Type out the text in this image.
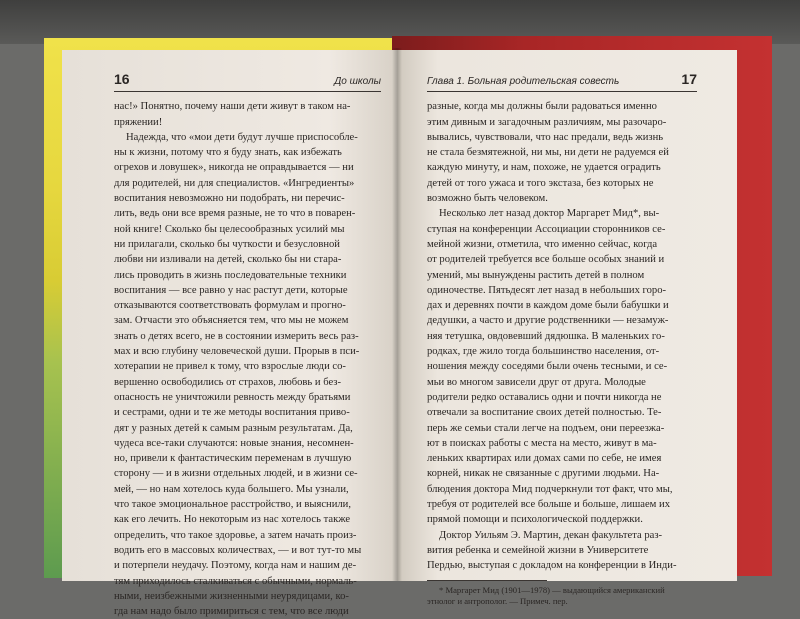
16	До школы
нас!» Понятно, почему наши дети живут в таком на-
пряжении!
Надежда, что «мои дети будут лучше приспособле-
ны к жизни, потому что я буду знать, как избежать
огрехов и ловушек», никогда не оправдывается — ни
для родителей, ни для специалистов. «Ингредиенты»
воспитания невозможно ни подобрать, ни перечис-
лить, ведь они все время разные, не то что в поварен-
ной книге! Сколько бы целесообразных усилий мы
ни прилагали, сколько бы чуткости и безусловной
любви ни изливали на детей, сколько бы ни стара-
лись проводить в жизнь последовательные техники
воспитания — все равно у нас растут дети, которые
отказываются соответствовать формулам и прогно-
зам. Отчасти это объясняется тем, что мы не можем
знать о детях всего, не в состоянии измерить весь раз-
мах и всю глубину человеческой души. Прорыв в пси-
хотерапии не привел к тому, что взрослые люди со-
вершенно освободились от страхов, любовь и без-
опасность не уничтожили ревность между братьями
и сестрами, одни и те же методы воспитания приво-
дят у разных детей к самым разным результатам. Да,
чудеса все-таки случаются: новые знания, несомнен-
но, привели к фантастическим переменам в лучшую
сторону — и в жизни отдельных людей, и в жизни се-
мей, — но нам хотелось куда большего. Мы узнали,
что такое эмоциональное расстройство, и выяснили,
как его лечить. Но некоторым из нас хотелось также
определить, что такое здоровье, а затем начать произ-
водить его в массовых количествах, — и вот тут-то мы
и потерпели неудачу. Поэтому, когда нам и нашим де-
тям приходилось сталкиваться с обычными, нормаль-
ными, неизбежными жизненными неурядицами, ко-
гда нам надо было примириться с тем, что все люди
Глава 1. Больная родительская совесть	17
разные, когда мы должны были радоваться именно
этим дивным и загадочным различиям, мы разочаро-
вывались, чувствовали, что нас предали, ведь жизнь
не стала безмятежной, ни мы, ни дети не радуемся ей
каждую минуту, и нам, похоже, не удается оградить
детей от того ужаса и того экстаза, без которых не
возможно быть человеком.
Несколько лет назад доктор Маргарет Мид*, вы-
ступая на конференции Ассоциации сторонников се-
мейной жизни, отметила, что именно сейчас, когда
от родителей требуется все больше особых знаний и
умений, мы вынуждены растить детей в полном
одиночестве. Пятьдесят лет назад в небольших горо-
дах и деревнях почти в каждом доме были бабушки и
дедушки, а часто и другие родственники — незамуж-
няя тетушка, овдовевший дядюшка. В маленьких го-
родках, где жило тогда большинство населения, от-
ношения между соседями были очень тесными, и се-
мьи во многом зависели друг от друга. Молодые
родители редко оставались одни и почти никогда не
отвечали за воспитание своих детей полностью. Те-
перь же семьи стали легче на подъем, они переезжа-
ют в поисках работы с места на место, живут в ма-
леньких квартирах или домах сами по себе, не имея
корней, никак не связанные с другими людьми. На-
блюдения доктора Мид подчеркнули тот факт, что мы,
требуя от родителей все больше и больше, лишаем их
прямой помощи и психологической поддержки.
Доктор Уильям Э. Мартин, декан факультета раз-
вития ребенка и семейной жизни в Университете
Пердью, выступая с докладом на конференции в Инди-
* Маргарет Мид (1901—1978) — выдающийся американский
этнолог и антрополог. — Примеч. пер.
